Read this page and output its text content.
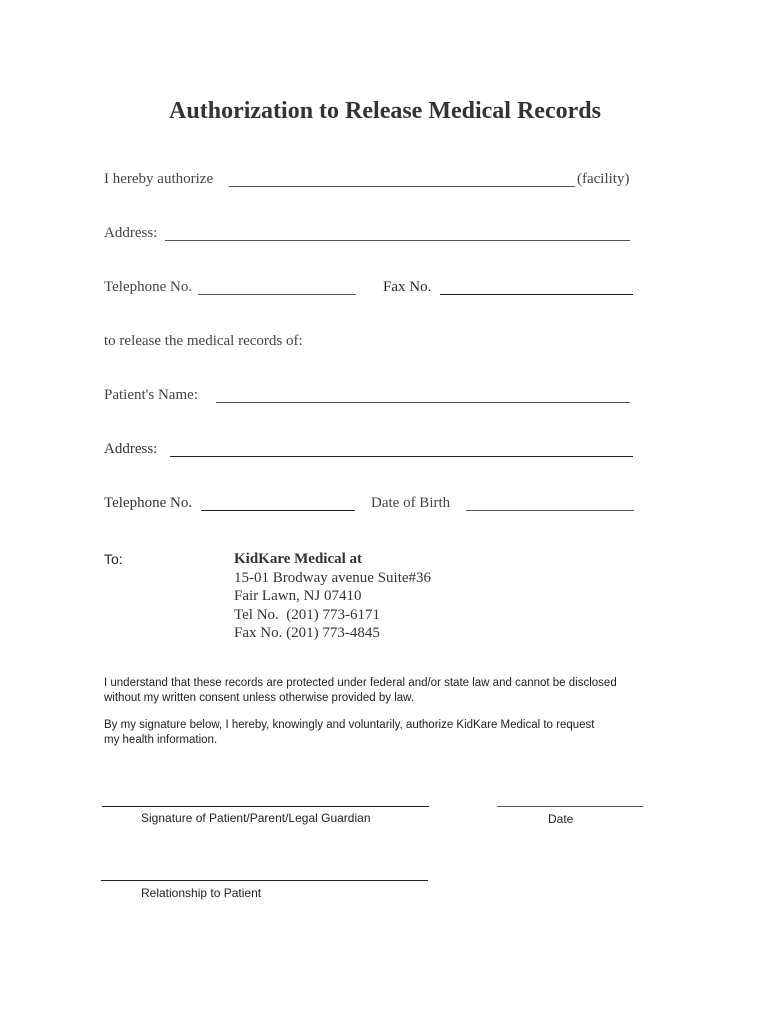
Authorization to Release Medical Records
I hereby authorize	(facility)
Address:
Telephone No.	Fax No.
to release the medical records of:
Patient's Name:
Address:
Telephone No.	Date of Birth
To:	KidKare Medical at
15-01 Brodway avenue Suite#36
Fair Lawn, NJ 07410
Tel No.  (201) 773-6171
Fax No. (201) 773-4845
I understand that these records are protected under federal and/or state law and cannot be disclosed without my written consent unless otherwise provided by law.
By my signature below, I hereby, knowingly and voluntarily, authorize KidKare Medical to request my health information.
Signature of Patient/Parent/Legal Guardian	Date
Relationship to Patient
